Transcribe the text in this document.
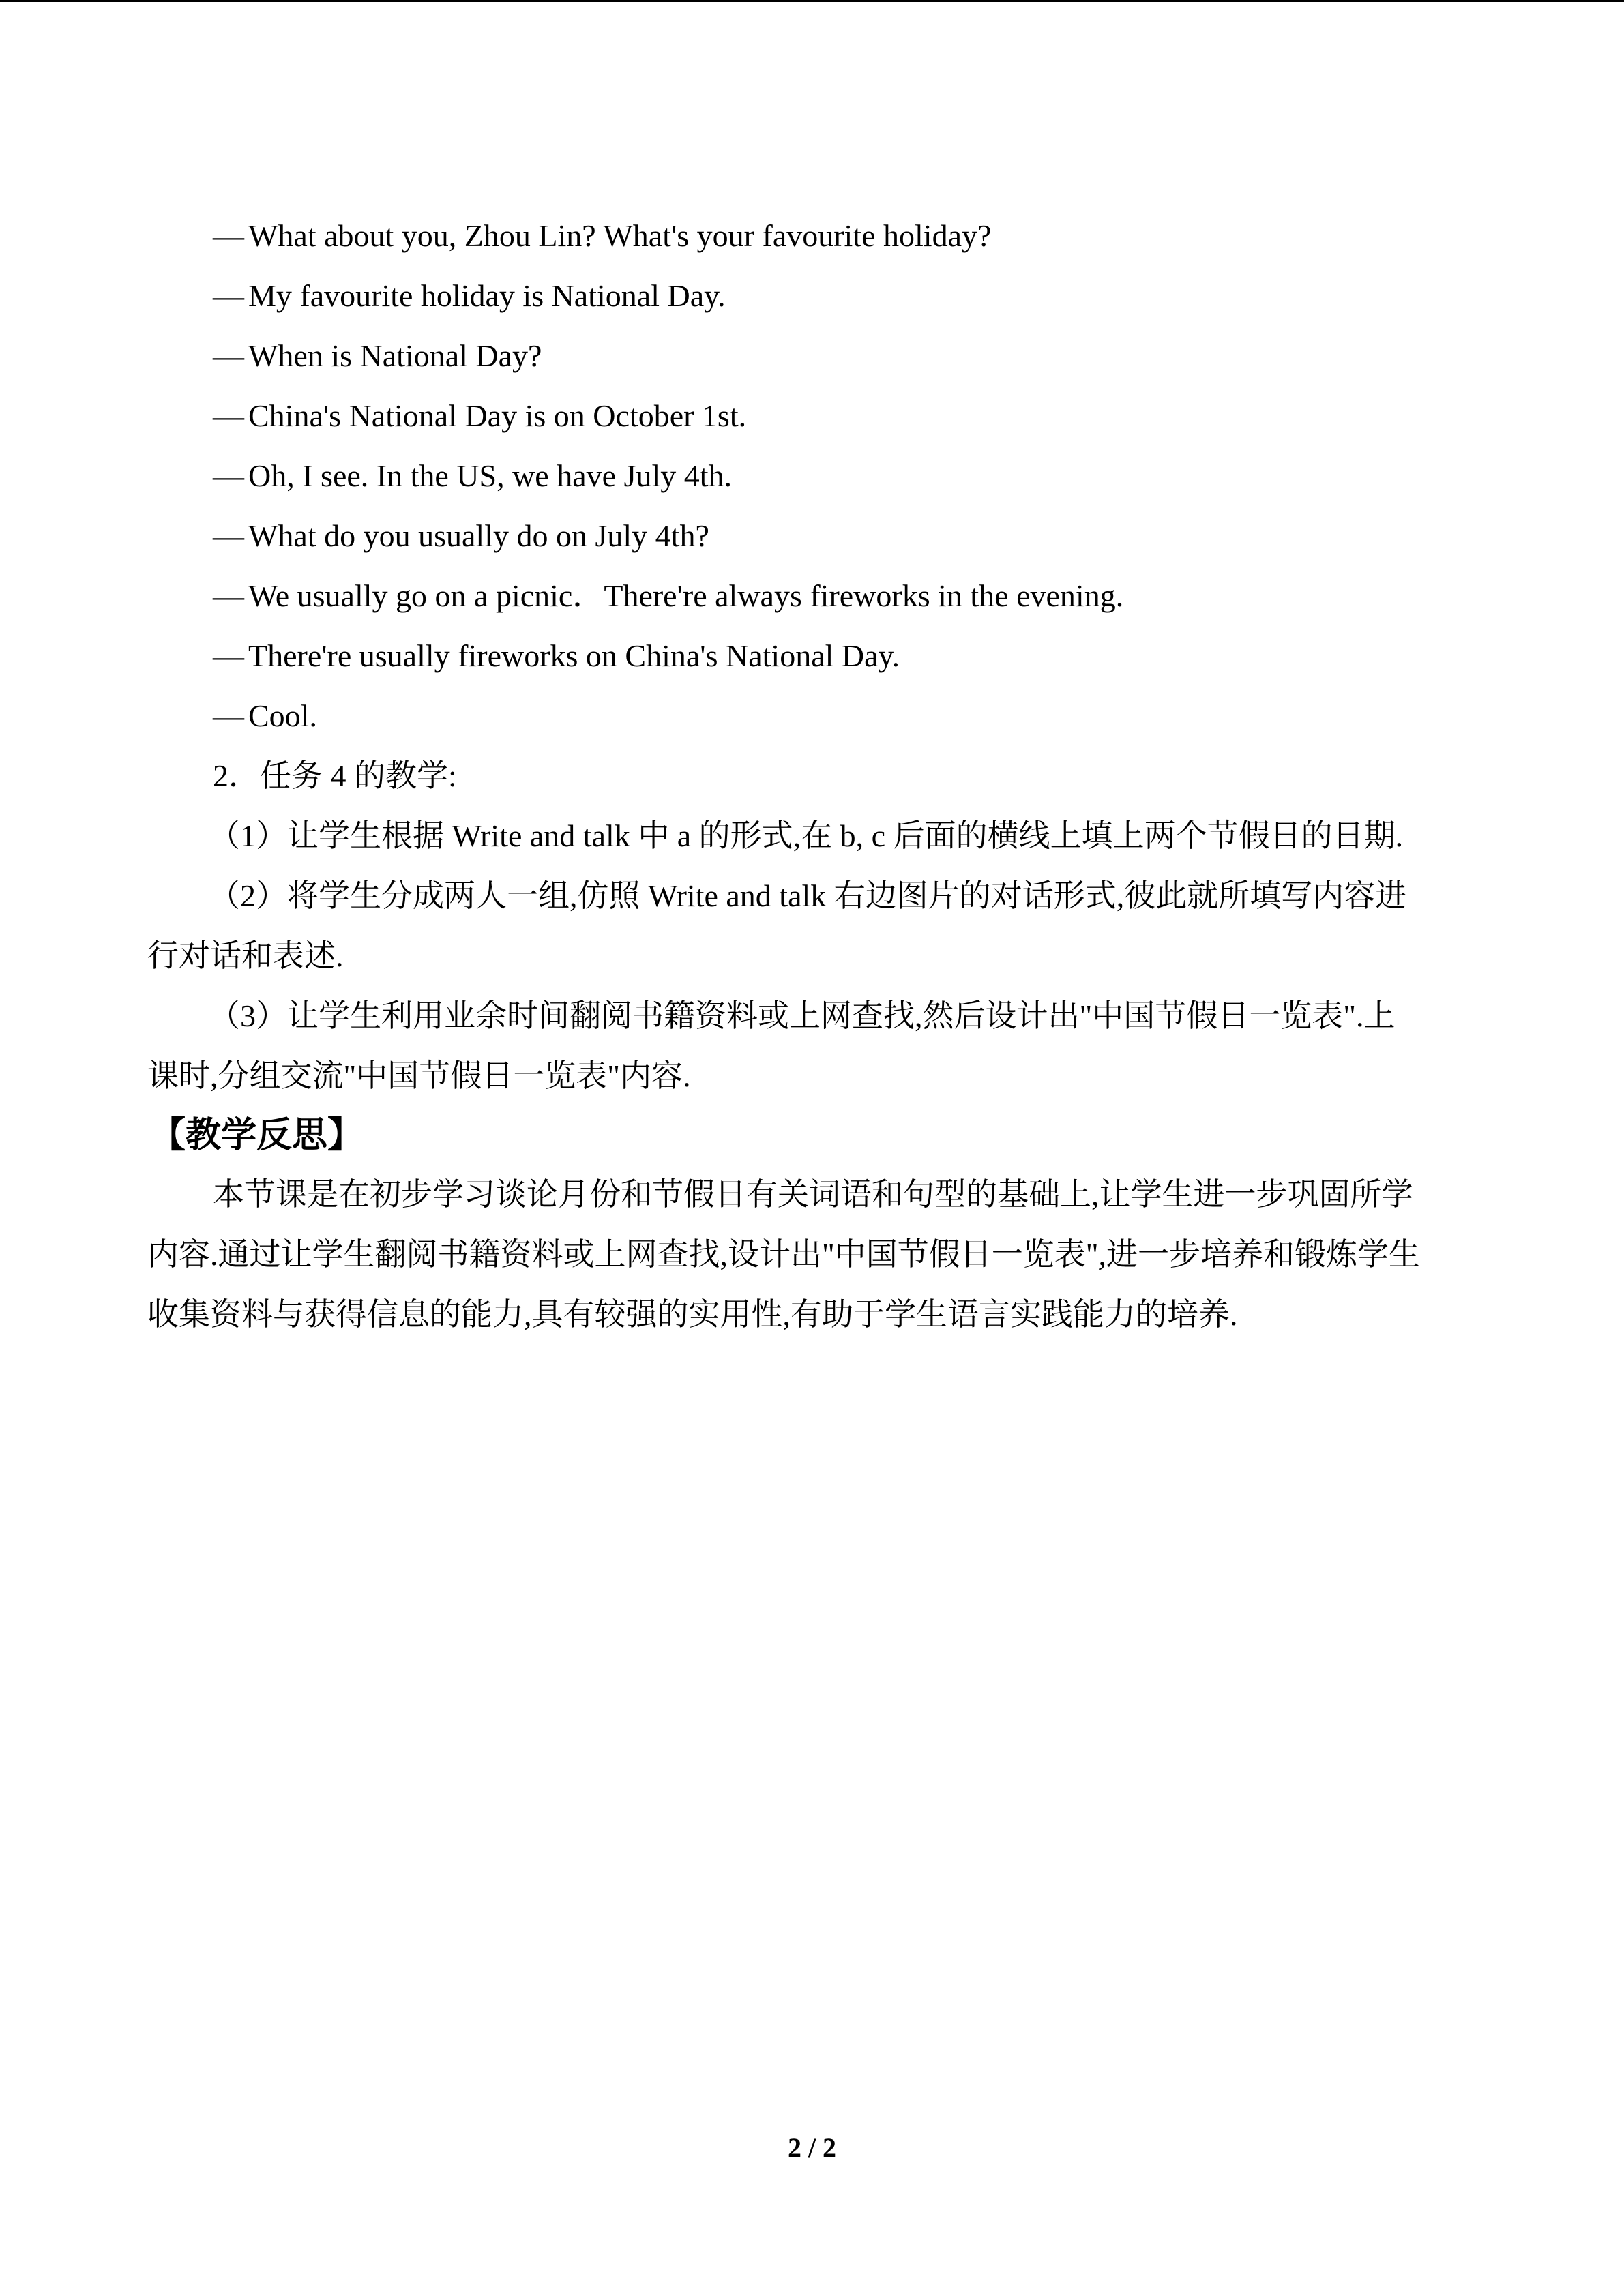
— What about you, Zhou Lin? What's your favourite holiday?
— My favourite holiday is National Day.
— When is National Day?
— China's National Day is on October 1st.
— Oh, I see. In the US, we have July 4th.
— What do you usually do on July 4th?
— We usually go on a picnic．There're always fireworks in the evening.
— There're usually fireworks on China's National Day.
— Cool.
2．任务 4 的教学:
（1）让学生根据 Write and talk 中 a 的形式,在 b, c 后面的横线上填上两个节假日的日期.
（2）将学生分成两人一组,仿照 Write and talk 右边图片的对话形式,彼此就所填写内容进
行对话和表述.
（3）让学生利用业余时间翻阅书籍资料或上网查找,然后设计出"中国节假日一览表".上
课时,分组交流"中国节假日一览表"内容.
【教学反思】
本节课是在初步学习谈论月份和节假日有关词语和句型的基础上,让学生进一步巩固所学
内容.通过让学生翻阅书籍资料或上网查找,设计出"中国节假日一览表",进一步培养和锻炼学生
收集资料与获得信息的能力,具有较强的实用性,有助于学生语言实践能力的培养.
2 / 2
